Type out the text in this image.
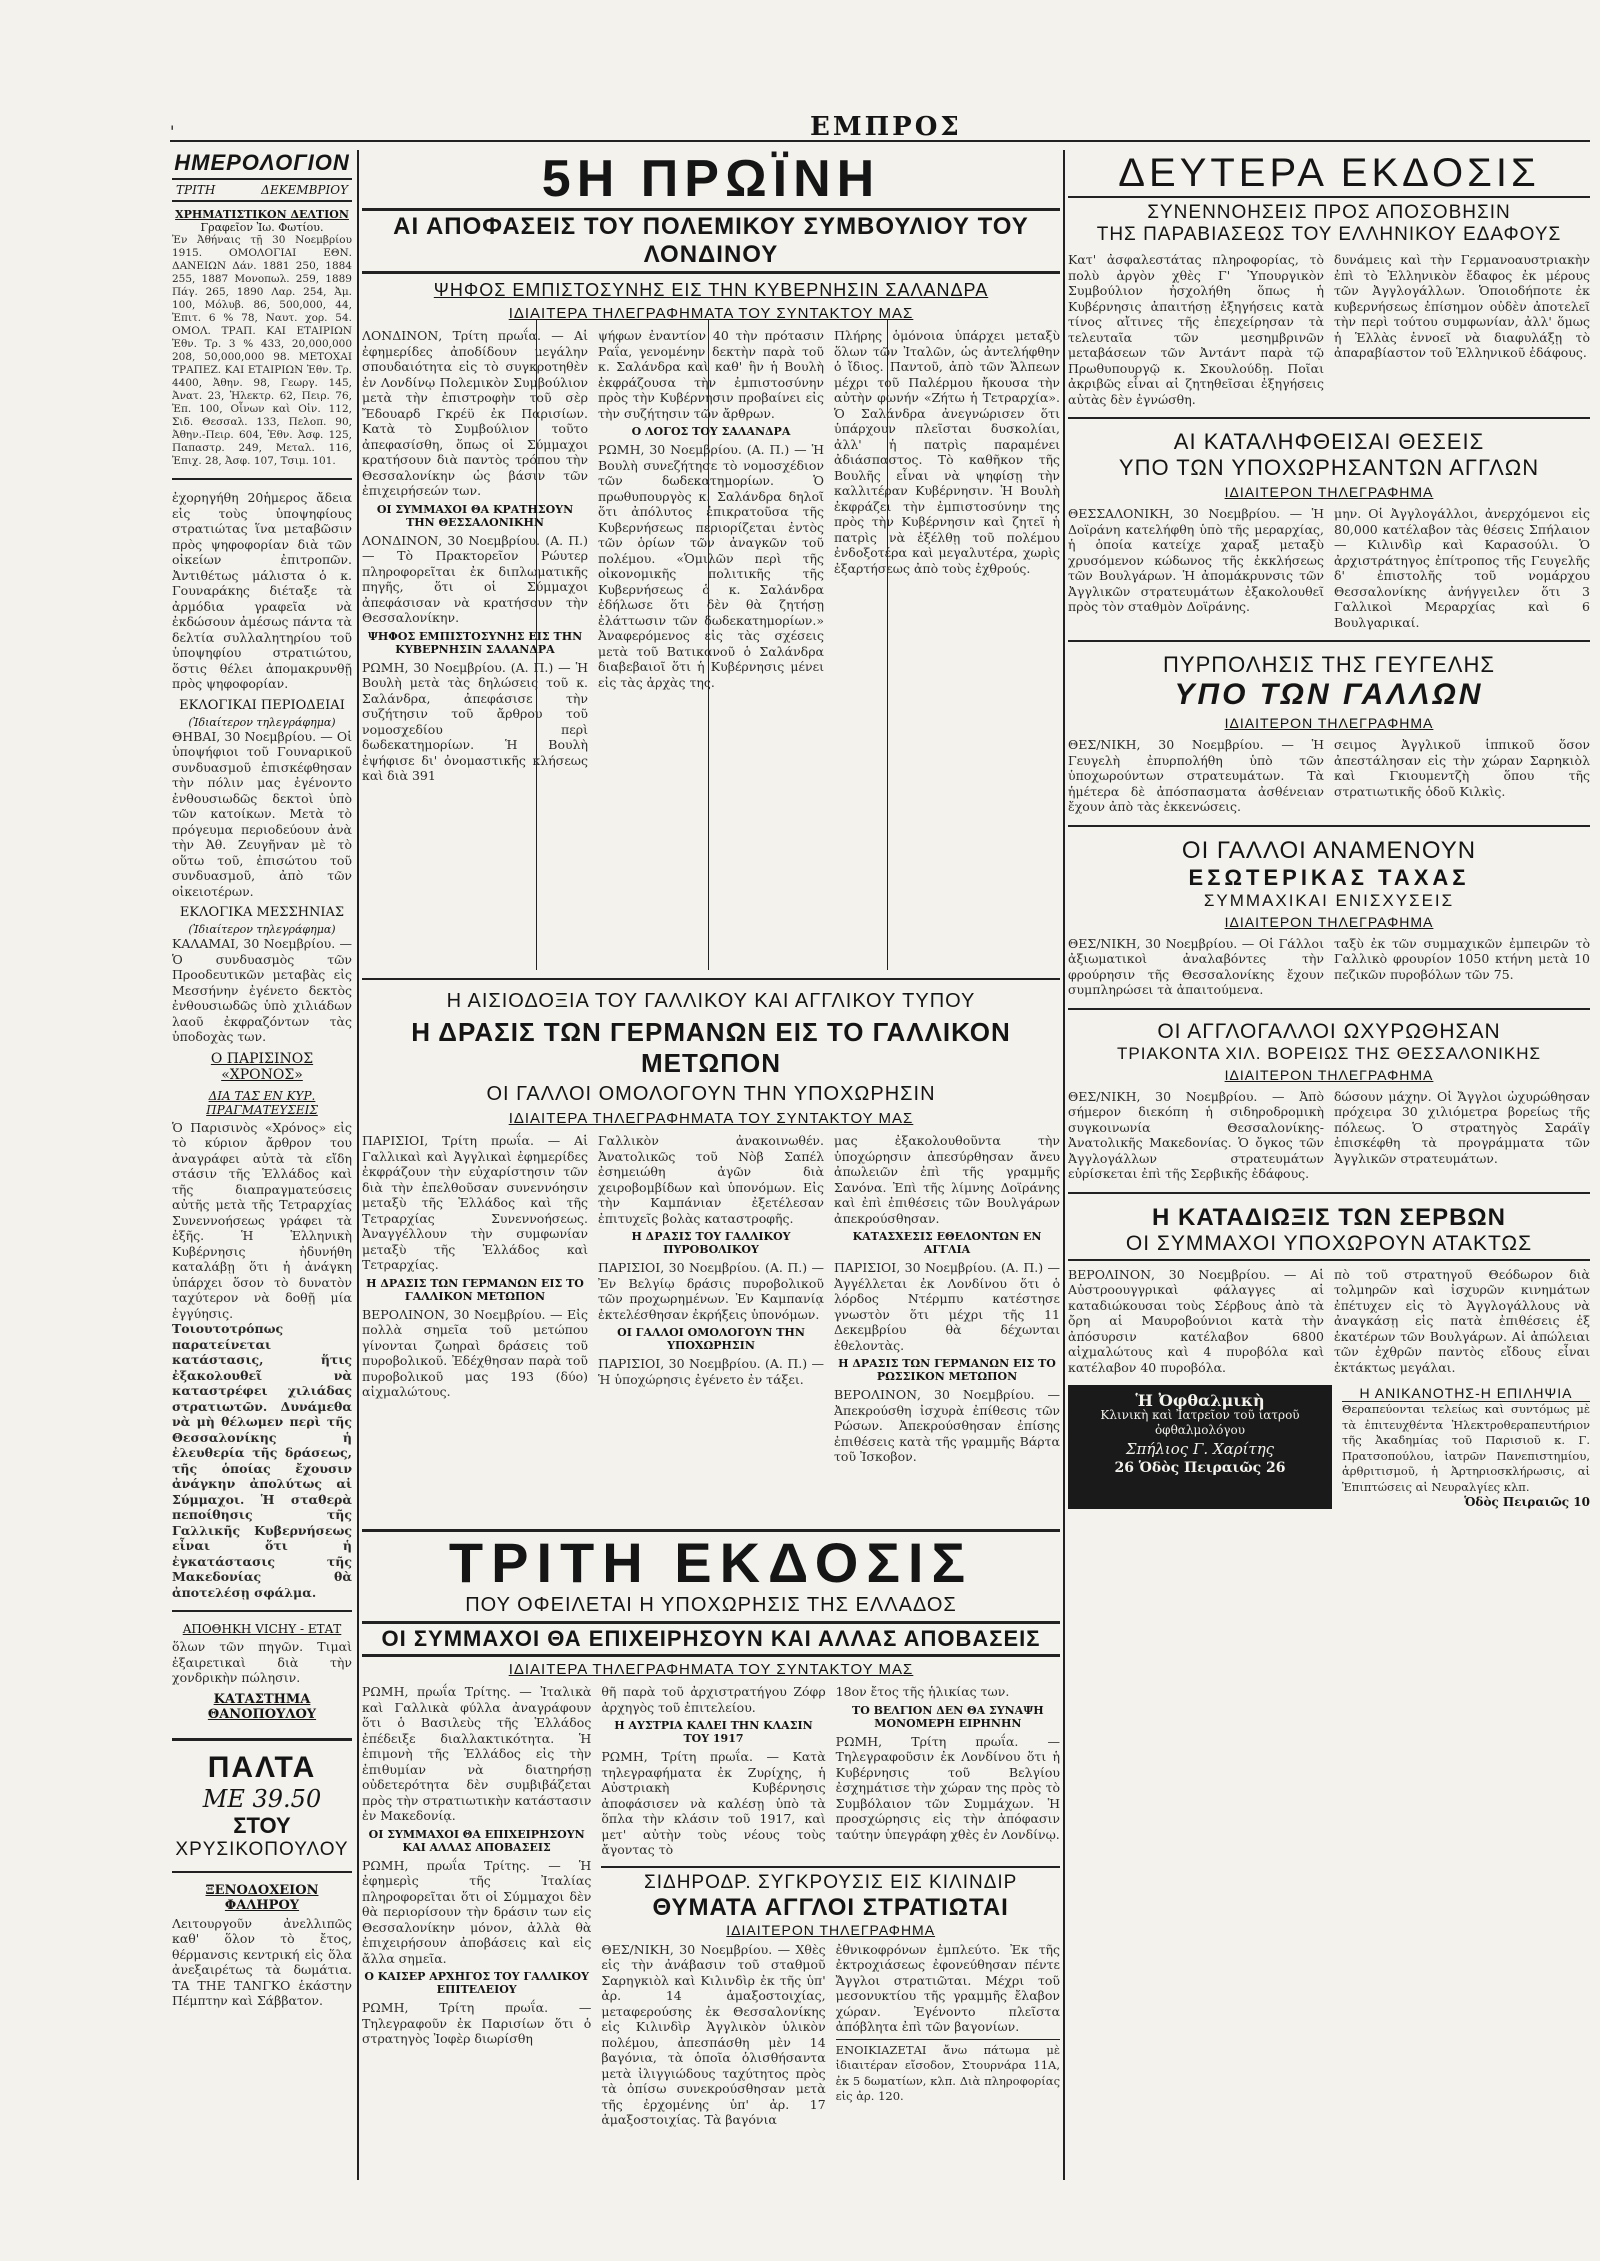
ΕΜΠΡΟΣ
'
ΗΜΕΡΟΛΟΓΙΟΝ
ΤΡΙΤΗ	ΔΕΚΕΜΒΡΙΟΥ
ΧΡΗΜΑΤΙΣΤΙΚΟΝ ΔΕΛΤΙΟΝ
Γραφεῖον Ἰω. Φωτίου.
Ἐν Ἀθήναις τῇ 30 Νοεμβρίου 1915. ΟΜΟΛΟΓΙΑΙ ΕΘΝ. ΔΑΝΕΙΩΝ Δάν. 1881 250, 1884 255, 1887 Μονοπωλ. 259, 1889 Πάγ. 265, 1890 Λαρ. 254, Ἀμ. 100, Μόλυβ. 86, 500,000, 44, Ἐπιτ. 6 % 78, Ναυτ. χορ. 54. ΟΜΟΛ. ΤΡΑΠ. ΚΑΙ ΕΤΑΙΡΙΩΝ Ἐθν. Τρ. 3 % 433, 20,000,000 208, 50,000,000 98. ΜΕΤΟΧΑΙ ΤΡΑΠΕΖ. ΚΑΙ ΕΤΑΙΡΙΩΝ Ἐθν. Τρ. 4400, Ἀθην. 98, Γεωργ. 145, Ἀνατ. 23, Ἠλεκτρ. 62, Πειρ. 76, Ἐπ. 100, Οἶνων καὶ Οἰν. 112, Σιδ. Θεσσαλ. 133, Πελοπ. 90, Ἀθην.-Πειρ. 604, Ἐθν. Ἀσφ. 125, Παπαστρ. 249, Μεταλ. 116, Ἐπιχ. 28, Ἀσφ. 107, Τσιμ. 101.
ἐχορηγήθη 20ἡμερος ἄδεια εἰς τοὺς ὑποψηφίους στρατιώτας ἵνα μεταβῶσιν πρὸς ψηφοφορίαν διὰ τῶν οἰκείων ἐπιτροπῶν. Ἀντιθέτως μάλιστα ὁ κ. Γουναράκης διέταξε τὰ ἀρμόδια γραφεῖα νὰ ἐκδώσουν ἀμέσως πάντα τὰ δελτία συλλαλητηρίου τοῦ ὑποψηφίου στρατιώτου, ὅστις θέλει ἀπομακρυνθῇ πρὸς ψηφοφορίαν.
ΕΚΛΟΓΙΚΑΙ ΠΕΡΙΟΔΕΙΑΙ
(Ἰδιαίτερον τηλεγράφημα)
ΘΗΒΑΙ, 30 Νοεμβρίου. — Οἱ ὑποψήφιοι τοῦ Γουναρικοῦ συνδυασμοῦ ἐπισκέφθησαν τὴν πόλιν μας ἐγένοντο ἐνθουσιωδῶς δεκτοὶ ὑπὸ τῶν κατοίκων. Μετὰ τὸ πρόγευμα περιοδεύουν ἀνὰ τὴν Ἀθ. Ζευγῆναν μὲ τὸ οὕτω τοῦ, ἐπισώτου τοῦ συνδυασμοῦ, ἀπὸ τῶν οἰκειοτέρων.
ΕΚΛΟΓΙΚΑ ΜΕΣΣΗΝΙΑΣ
(Ἰδιαίτερον τηλεγράφημα)
ΚΑΛΑΜΑΙ, 30 Νοεμβρίου. — Ὁ συνδυασμὸς τῶν Προοδευτικῶν μεταβὰς εἰς Μεσσήνην ἐγένετο δεκτὸς ἐνθουσιωδῶς ὑπὸ χιλιάδων λαοῦ ἐκφραζόντων τὰς ὑποδοχὰς των.
Ο ΠΑΡΙΣΙΝΟΣ «ΧΡΟΝΟΣ»
ΔΙΑ ΤΑΣ ΕΝ ΚΥΡ. ΠΡΑΓΜΑΤΕΥΣΕΙΣ
Ὁ Παρισινὸς «Χρόνος» εἰς τὸ κύριον ἄρθρον του ἀναγράφει αὐτὰ τὰ εἴδη στάσιν τῆς Ἑλλάδος καὶ τῆς διαπραγματεύσεις αὐτῆς μετὰ τῆς Τετραρχίας Συνεννοήσεως γράφει τὰ ἐξῆς. Ἡ Ἑλληνικὴ Κυβέρνησις ἠδυνήθη καταλάβῃ ὅτι ἡ ἀνάγκη ὑπάρχει ὅσον τὸ δυνατὸν ταχύτερον νὰ δοθῇ μία ἐγγύησις.
Τοιουτοτρόπως παρατείνεται κατάστασις, ἥτις ἐξακολουθεῖ νὰ καταστρέφει χιλιάδας στρατιωτῶν. Δυνάμεθα νὰ μὴ θέλωμεν περὶ τῆς Θεσσαλονίκης ἡ ἐλευθερία τῆς δράσεως, τῆς ὁποίας ἔχουσιν ἀνάγκην ἀπολύτως αἱ Σύμμαχοι. Ἡ σταθερὰ πεποίθησις τῆς Γαλλικῆς Κυβερνήσεως εἶναι ὅτι ἡ ἐγκατάστασις τῆς Μακεδονίας θὰ ἀποτελέσῃ σφάλμα.
ΑΠΟΘΗΚΗ VICHY - ΕΤΑΤ
ὅλων τῶν πηγῶν. Τιμαὶ ἐξαιρετικαὶ διὰ τὴν χονδρικὴν πώλησιν.
ΚΑΤΑΣΤΗΜΑ ΘΑΝΟΠΟΥΛΟΥ
ΠΑΛΤΑ
ΜΕ 39.50
ΣΤΟΥ
ΧΡΥΣΙΚΟΠΟΥΛΟΥ
ΞΕΝΟΔΟΧΕΙΟΝ ΦΑΛΗΡΟΥ
Λειτουργοῦν ἀνελλιπῶς καθ' ὅλον τὸ ἔτος, θέρμανσις κεντρική εἰς ὅλα ἀνεξαιρέτως τὰ δωμάτια. ΤΑ ΤΗΕ ΤΑΝΓΚΟ ἑκάστην Πέμπτην καὶ Σάββατον.
5Η ΠΡΩΪΝΗ
ΑΙ ΑΠΟΦΑΣΕΙΣ ΤΟΥ ΠΟΛΕΜΙΚΟΥ ΣΥΜΒΟΥΛΙΟΥ ΤΟΥ ΛΟΝΔΙΝΟΥ
ΨΗΦΟΣ ΕΜΠΙΣΤΟΣΥΝΗΣ ΕΙΣ ΤΗΝ ΚΥΒΕΡΝΗΣΙΝ ΣΑΛΑΝΔΡΑ
ΙΔΙΑΙΤΕΡΑ ΤΗΛΕΓΡΑΦΗΜΑΤΑ ΤΟΥ ΣΥΝΤΑΚΤΟΥ ΜΑΣ
ΛΟΝΔΙΝΟΝ, Τρίτη πρωΐα. — Αἱ ἐφημερίδες ἀποδίδουν μεγάλην σπουδαιότητα εἰς τὸ συγκροτηθὲν ἐν Λονδίνῳ Πολεμικὸν Συμβούλιον μετὰ τὴν ἐπιστροφὴν τοῦ σὲρ Ἔδουαρδ Γκρέϋ ἐκ Παρισίων. Κατὰ τὸ Συμβούλιον τοῦτο ἀπεφασίσθη, ὅπως οἱ Σύμμαχοι κρατήσουν διὰ παντὸς τρόπου τὴν Θεσσαλονίκην ὡς βάσιν τῶν ἐπιχειρήσεών των.
ΟΙ ΣΥΜΜΑΧΟΙ ΘΑ ΚΡΑΤΗΣΟΥΝ ΤΗΝ ΘΕΣΣΑΛΟΝΙΚΗΝ
ΛΟΝΔΙΝΟΝ, 30 Νοεμβρίου. (Α. Π.) — Τὸ Πρακτορεῖον Ρώυτερ πληροφορεῖται ἐκ διπλωματικῆς πηγῆς, ὅτι οἱ Σύμμαχοι ἀπεφάσισαν νὰ κρατήσουν τὴν Θεσσαλονίκην.
ΨΗΦΟΣ ΕΜΠΙΣΤΟΣΥΝΗΣ ΕΙΣ ΤΗΝ ΚΥΒΕΡΝΗΣΙΝ ΣΑΛΑΝΔΡΑ
ΡΩΜΗ, 30 Νοεμβρίου. (Α. Π.) — Ἡ Βουλὴ μετὰ τὰς δηλώσεις τοῦ κ. Σαλάνδρα, ἀπεφάσισε τὴν συζήτησιν τοῦ ἄρθρου τοῦ νομοσχεδίου περὶ δωδεκατημορίων. Ἡ Βουλὴ ἐψήφισε δι' ὀνομαστικῆς κλήσεως καὶ διὰ 391
ψήφων ἐναντίον 40 τὴν πρότασιν Ραΐα, γενομένην δεκτὴν παρὰ τοῦ κ. Σαλάνδρα καὶ καθ' ἣν ἡ Βουλὴ ἐκφράζουσα τὴν ἐμπιστοσύνην πρὸς τὴν Κυβέρνησιν προβαίνει εἰς τὴν συζήτησιν τῶν ἄρθρων.
Ο ΛΟΓΟΣ ΤΟΥ ΣΑΛΑΝΔΡΑ
ΡΩΜΗ, 30 Νοεμβρίου. (Α. Π.) — Ἡ Βουλὴ συνεζήτησε τὸ νομοσχέδιον τῶν δωδεκατημορίων. Ὁ πρωθυπουργὸς κ. Σαλάνδρα δηλοῖ ὅτι ἀπόλυτος ἐπικρατοῦσα τῆς Κυβερνήσεως περιορίζεται ἐντὸς τῶν ὁρίων τῶν ἀναγκῶν τοῦ πολέμου. «Ὁμιλῶν περὶ τῆς οἰκονομικῆς πολιτικῆς τῆς Κυβερνήσεως ὁ κ. Σαλάνδρα ἐδήλωσε ὅτι δὲν θὰ ζητήσῃ ἐλάττωσιν τῶν δωδεκατημορίων.» Ἀναφερόμενος εἰς τὰς σχέσεις μετὰ τοῦ Βατικανοῦ ὁ Σαλάνδρα διαβεβαιοῖ ὅτι ἡ Κυβέρνησις μένει εἰς τὰς ἀρχὰς της.
Πλήρης ὁμόνοια ὑπάρχει μεταξὺ ὅλων τῶν Ἰταλῶν, ὡς ἀντελήφθην ὁ ἴδιος. Παντοῦ, ἀπὸ τῶν Ἄλπεων μέχρι τοῦ Παλέρμου ἤκουσα τὴν αὐτὴν φωνήν «Ζήτω ἡ Τετραρχία». Ὁ Σαλάνδρα ἀνεγνώρισεν ὅτι ὑπάρχουν πλεῖσται δυσκολίαι, ἀλλ' ἡ πατρὶς παραμένει ἀδιάσπαστος. Τὸ καθῆκον τῆς Βουλῆς εἶναι νὰ ψηφίσῃ τὴν καλλιτέραν Κυβέρνησιν. Ἡ Βουλὴ ἐκφράζει τὴν ἐμπιστοσύνην της πρὸς τὴν Κυβέρνησιν καὶ ζητεῖ ἡ πατρὶς νὰ ἐξέλθῃ τοῦ πολέμου ἐνδοξοτέρα καὶ μεγαλυτέρα, χωρὶς ἐξαρτήσεως ἀπὸ τοὺς ἐχθρούς.
Η ΑΙΣΙΟΔΟΞΙΑ ΤΟΥ ΓΑΛΛΙΚΟΥ ΚΑΙ ΑΓΓΛΙΚΟΥ ΤΥΠΟΥ
Η ΔΡΑΣΙΣ ΤΩΝ ΓΕΡΜΑΝΩΝ ΕΙΣ ΤΟ ΓΑΛΛΙΚΟΝ ΜΕΤΩΠΟΝ
ΟΙ ΓΑΛΛΟΙ ΟΜΟΛΟΓΟΥΝ ΤΗΝ ΥΠΟΧΩΡΗΣΙΝ
ΙΔΙΑΙΤΕΡΑ ΤΗΛΕΓΡΑΦΗΜΑΤΑ ΤΟΥ ΣΥΝΤΑΚΤΟΥ ΜΑΣ
ΠΑΡΙΣΙΟΙ, Τρίτη πρωΐα. — Αἱ Γαλλικαὶ καὶ Ἀγγλικαὶ ἐφημερίδες ἐκφράζουν τὴν εὐχαρίστησιν τῶν διὰ τὴν ἐπελθοῦσαν συνεννόησιν μεταξὺ τῆς Ἑλλάδος καὶ τῆς Τετραρχίας Συνεννοήσεως. Ἀναγγέλλουν τὴν συμφωνίαν μεταξὺ τῆς Ἑλλάδος καὶ Τετραρχίας.
Η ΔΡΑΣΙΣ ΤΩΝ ΓΕΡΜΑΝΩΝ ΕΙΣ ΤΟ ΓΑΛΛΙΚΟΝ ΜΕΤΩΠΟΝ
ΒΕΡΟΛΙΝΟΝ, 30 Νοεμβρίου. — Εἰς πολλὰ σημεῖα τοῦ μετώπου γίνονται ζωηραὶ δράσεις τοῦ πυροβολικοῦ. Ἐδέχθησαν παρὰ τοῦ πυροβολικοῦ μας 193 (δύο) αἰχμαλώτους.
Γαλλικὸν ἀνακοινωθέν. Ἀνατολικῶς τοῦ Νὸβ Σαπέλ ἐσημειώθη ἀγῶν διὰ χειροβομβίδων καὶ ὑπονόμων. Εἰς τὴν Καμπάνιαν ἐξετέλεσαν ἐπιτυχεῖς βολὰς καταστροφῆς.
Η ΔΡΑΣΙΣ ΤΟΥ ΓΑΛΛΙΚΟΥ ΠΥΡΟΒΟΛΙΚΟΥ
ΠΑΡΙΣΙΟΙ, 30 Νοεμβρίου. (Α. Π.) — Ἐν Βελγίῳ δράσις πυροβολικοῦ τῶν προχωρημένων. Ἐν Καμπανίᾳ ἐκτελέσθησαν ἐκρήξεις ὑπονόμων.
ΟΙ ΓΑΛΛΟΙ ΟΜΟΛΟΓΟΥΝ ΤΗΝ ΥΠΟΧΩΡΗΣΙΝ
ΠΑΡΙΣΙΟΙ, 30 Νοεμβρίου. (Α. Π.) — Ἡ ὑποχώρησις ἐγένετο ἐν τάξει.
μας ἐξακολουθοῦντα τὴν ὑποχώρησιν ἀπεσύρθησαν ἄνευ ἀπωλειῶν ἐπὶ τῆς γραμμῆς Σανόνα. Ἐπὶ τῆς λίμνης Δοϊράνης καὶ ἐπὶ ἐπιθέσεις τῶν Βουλγάρων ἀπεκρούσθησαν.
ΚΑΤΑΣΧΕΣΙΣ ΕΘΕΛΟΝΤΩΝ ΕΝ ΑΓΓΛΙΑ
ΠΑΡΙΣΙΟΙ, 30 Νοεμβρίου. (Α. Π.) — Ἀγγέλλεται ἐκ Λονδίνου ὅτι ὁ λόρδος Ντέρμπυ κατέστησε γνωστὸν ὅτι μέχρι τῆς 11 Δεκεμβρίου θὰ δέχωνται ἐθελοντὰς.
Η ΔΡΑΣΙΣ ΤΩΝ ΓΕΡΜΑΝΩΝ ΕΙΣ ΤΟ ΡΩΣΣΙΚΟΝ ΜΕΤΩΠΟΝ
ΒΕΡΟΛΙΝΟΝ, 30 Νοεμβρίου. — Ἀπεκρούσθη ἰσχυρὰ ἐπίθεσις τῶν Ρώσων. Ἀπεκρούσθησαν ἐπίσης ἐπιθέσεις κατὰ τῆς γραμμῆς Βάρτα τοῦ Ἰσκοβον.
ΤΡΙΤΗ ΕΚΔΟΣΙΣ
ΠΟΥ ΟΦΕΙΛΕΤΑΙ Η ΥΠΟΧΩΡΗΣΙΣ ΤΗΣ ΕΛΛΑΔΟΣ
ΟΙ ΣΥΜΜΑΧΟΙ ΘΑ ΕΠΙΧΕΙΡΗΣΟΥΝ ΚΑΙ ΑΛΛΑΣ ΑΠΟΒΑΣΕΙΣ
ΙΔΙΑΙΤΕΡΑ ΤΗΛΕΓΡΑΦΗΜΑΤΑ ΤΟΥ ΣΥΝΤΑΚΤΟΥ ΜΑΣ
ΡΩΜΗ, πρωΐα Τρίτης. — Ἰταλικὰ καὶ Γαλλικὰ φύλλα ἀναγράφουν ὅτι ὁ Βασιλεὺς τῆς Ἑλλάδος ἐπέδειξε διαλλακτικότητα. Ἡ ἐπιμονὴ τῆς Ἑλλάδος εἰς τὴν ἐπιθυμίαν νὰ διατηρήσῃ οὐδετερότητα δὲν συμβιβάζεται πρὸς τὴν στρατιωτικὴν κατάστασιν ἐν Μακεδονίᾳ.
ΟΙ ΣΥΜΜΑΧΟΙ ΘΑ ΕΠΙΧΕΙΡΗΣΟΥΝ ΚΑΙ ΑΛΛΑΣ ΑΠΟΒΑΣΕΙΣ
ΡΩΜΗ, πρωΐα Τρίτης. — Ἡ ἐφημερὶς τῆς Ἰταλίας πληροφορεῖται ὅτι οἱ Σύμμαχοι δὲν θὰ περιορίσουν τὴν δράσιν των εἰς Θεσσαλονίκην μόνον, ἀλλὰ θὰ ἐπιχειρήσουν ἀποβάσεις καὶ εἰς ἄλλα σημεῖα.
Ο ΚΑΙΣΕΡ ΑΡΧΗΓΟΣ ΤΟΥ ΓΑΛΛΙΚΟΥ ΕΠΙΤΕΛΕΙΟΥ
ΡΩΜΗ, Τρίτη πρωΐα. — Τηλεγραφοῦν ἐκ Παρισίων ὅτι ὁ στρατηγὸς Ἰοφὲρ διωρίσθη
θῆ παρὰ τοῦ ἀρχιστρατήγου Ζόφρ ἀρχηγὸς τοῦ ἐπιτελείου.
Η ΑΥΣΤΡΙΑ ΚΑΛΕΙ ΤΗΝ ΚΛΑΣΙΝ ΤΟΥ 1917
ΡΩΜΗ, Τρίτη πρωΐα. — Κατὰ τηλεγραφήματα ἐκ Ζυρίχης, ἡ Αὐστριακὴ Κυβέρνησις ἀποφάσισεν νὰ καλέσῃ ὑπὸ τὰ ὅπλα τὴν κλάσιν τοῦ 1917, καὶ μετ' αὐτὴν τοὺς νέους τοὺς ἄγοντας τὸ
18ον ἔτος τῆς ἡλικίας των.
ΤΟ ΒΕΛΓΙΟΝ ΔΕΝ ΘΑ ΣΥΝΑΨΗ ΜΟΝΟΜΕΡΗ ΕΙΡΗΝΗΝ
ΡΩΜΗ, Τρίτη πρωΐα. — Τηλεγραφοῦσιν ἐκ Λονδίνου ὅτι ἡ Κυβέρνησις τοῦ Βελγίου ἐσχημάτισε τὴν χώραν της πρὸς τὸ Συμβόλαιον τῶν Συμμάχων. Ἡ προσχώρησις εἰς τὴν ἀπόφασιν ταύτην ὑπεγράφη χθὲς ἐν Λονδίνῳ.
ΣΙΔΗΡΟΔΡ. ΣΥΓΚΡΟΥΣΙΣ ΕΙΣ ΚΙΛΙΝΔΙΡ
ΘΥΜΑΤΑ ΑΓΓΛΟΙ ΣΤΡΑΤΙΩΤΑΙ
ΙΔΙΑΙΤΕΡΟΝ ΤΗΛΕΓΡΑΦΗΜΑ
ΘΕΣ/ΝΙΚΗ, 30 Νοεμβρίου. — Χθὲς εἰς τὴν ἀνάβασιν τοῦ σταθμοῦ Σαρηγκιὸλ καὶ Κιλινδὶρ ἐκ τῆς ὑπ' ἀρ. 14 ἁμαξοστοιχίας, μεταφερούσης ἐκ Θεσσαλονίκης εἰς Κιλινδὶρ Ἀγγλικὸν ὑλικὸν πολέμου, ἀπεσπάσθη μὲν 14 βαγόνια, τὰ ὁποῖα ὁλισθήσαντα μετὰ ἰλιγγιώδους ταχύτητος πρὸς τὰ ὀπίσω συνεκρούσθησαν μετὰ τῆς ἐρχομένης ὑπ' ἀρ. 17 ἁμαξοστοιχίας. Τὰ βαγόνια
ἐθνικοφρόνων ἐμπλεύτο. Ἐκ τῆς ἐκτροχιάσεως ἐφονεύθησαν πέντε Ἄγγλοι στρατιῶται. Μέχρι τοῦ μεσονυκτίου τῆς γραμμῆς ἔλαβον χώραν. Ἐγένοντο πλεῖστα ἀπόβλητα ἐπὶ τῶν βαγονίων.
ΕΝΟΙΚΙΑΖΕΤΑΙ ἄνω πάτωμα μὲ ἰδιαιτέραν εἴσοδον, Στουρνάρα 11Α, ἐκ 5 δωματίων, κλπ. Διὰ πληροφορίας εἰς ἀρ. 120.
ΔΕΥΤΕΡΑ ΕΚΔΟΣΙΣ
ΣΥΝΕΝΝΟΗΣΕΙΣ ΠΡΟΣ ΑΠΟΣΟΒΗΣΙΝ
ΤΗΣ ΠΑΡΑΒΙΑΣΕΩΣ ΤΟΥ ΕΛΛΗΝΙΚΟΥ ΕΔΑΦΟΥΣ
Κατ' ἀσφαλεστάτας πληροφορίας, τὸ πολὺ ἀργὸν χθὲς Γ' Ὑπουργικὸν Συμβούλιον ἠσχολήθη ὅπως ἡ Κυβέρνησις ἀπαιτήσῃ ἐξηγήσεις κατὰ τίνος αἴτινες τῆς ἐπεχείρησαν τὰ τελευταῖα τῶν μεσημβρινῶν μεταβάσεων τῶν Ἀντάντ παρὰ τῷ Πρωθυπουργῷ κ. Σκουλούδῃ. Ποῖαι ἀκριβῶς εἶναι αἱ ζητηθεῖσαι ἐξηγήσεις αὐτὰς δὲν ἐγνώσθη.
δυνάμεις καὶ τὴν Γερμανοαυστριακὴν ἐπὶ τὸ Ἑλληνικὸν ἔδαφος ἐκ μέρους τῶν Ἀγγλογάλλων. Ὁποιοδήποτε ἐκ κυβερνήσεως ἐπίσημον οὐδὲν ἀποτελεῖ τὴν περὶ τούτου συμφωνίαν, ἀλλ' ὅμως ἡ Ἑλλὰς ἐννοεῖ νὰ διαφυλάξῃ τὸ ἀπαραβίαστον τοῦ Ἑλληνικοῦ ἐδάφους.
ΑΙ ΚΑΤΑΛΗΦΘΕΙΣΑΙ ΘΕΣΕΙΣ
ΥΠΟ ΤΩΝ ΥΠΟΧΩΡΗΣΑΝΤΩΝ ΑΓΓΛΩΝ
ΙΔΙΑΙΤΕΡΟΝ ΤΗΛΕΓΡΑΦΗΜΑ
ΘΕΣΣΑΛΟΝΙΚΗ, 30 Νοεμβρίου. — Ἡ Δοϊράνη κατελήφθη ὑπὸ τῆς μεραρχίας, ἡ ὁποία κατείχε χαραξ μεταξὺ χρυσόμενον κώδωνος τῆς ἐκκλήσεως τῶν Βουλγάρων. Ἡ ἀπομάκρυνσις τῶν Ἀγγλικῶν στρατευμάτων ἐξακολουθεῖ πρὸς τὸν σταθμὸν Δοϊράνης.
μην. Οἱ Ἀγγλογάλλοι, ἀνερχόμενοι εἰς 80,000 κατέλαβον τὰς θέσεις Σπήλαιον — Κιλινδὶρ καὶ Καρασούλι. Ὁ ἀρχιστράτηγος ἐπίτροπος τῆς Γευγελῆς δ' ἐπιστολῆς τοῦ νομάρχου Θεσσαλονίκης ἀνήγγειλεν ὅτι 3 Γαλλικοὶ Μεραρχίας καὶ 6 Βουλγαρικαί.
ΠΥΡΠΟΛΗΣΙΣ ΤΗΣ ΓΕΥΓΕΛΗΣ
ΥΠΟ ΤΩΝ ΓΑΛΛΩΝ
ΙΔΙΑΙΤΕΡΟΝ ΤΗΛΕΓΡΑΦΗΜΑ
ΘΕΣ/ΝΙΚΗ, 30 Νοεμβρίου. — Ἡ Γευγελὴ ἐπυρπολήθη ὑπὸ τῶν ὑποχωρούντων στρατευμάτων. Τὰ ἡμέτερα δὲ ἀπόσπασματα ἀσθένειαν ἔχουν ἀπὸ τὰς ἐκκενώσεις.
σειμος Ἀγγλικοῦ ἱππικοῦ ὅσον ἀπεστάλησαν εἰς τὴν χώραν Σαρηκιὸλ καὶ Γκιουμεντζὴ ὅπου τῆς στρατιωτικῆς ὁδοῦ Κιλκὶς.
ΟΙ ΓΑΛΛΟΙ ΑΝΑΜΕΝΟΥΝ
ΕΣΩΤΕΡΙΚΑΣ ΤΑΧΑΣ
ΣΥΜΜΑΧΙΚΑΙ ΕΝΙΣΧΥΣΕΙΣ
ΙΔΙΑΙΤΕΡΟΝ ΤΗΛΕΓΡΑΦΗΜΑ
ΘΕΣ/ΝΙΚΗ, 30 Νοεμβρίου. — Οἱ Γάλλοι ἀξιωματικοὶ ἀναλαβόντες τὴν φρούρησιν τῆς Θεσσαλονίκης ἔχουν συμπληρώσει τὰ ἀπαιτούμενα.
ταξὺ ἐκ τῶν συμμαχικῶν ἐμπειρῶν τὸ Γαλλικὸ φρουρίον 1050 κτήνη μετὰ 10 πεζικῶν πυροβόλων τῶν 75.
ΟΙ ΑΓΓΛΟΓΑΛΛΟΙ ΩΧΥΡΩΘΗΣΑΝ
ΤΡΙΑΚΟΝΤΑ ΧΙΛ. ΒΟΡΕΙΩΣ ΤΗΣ ΘΕΣΣΑΛΟΝΙΚΗΣ
ΙΔΙΑΙΤΕΡΟΝ ΤΗΛΕΓΡΑΦΗΜΑ
ΘΕΣ/ΝΙΚΗ, 30 Νοεμβρίου. — Ἀπὸ σήμερον διεκόπη ἡ σιδηροδρομικὴ συγκοινωνία Θεσσαλονίκης-Ἀνατολικῆς Μακεδονίας. Ὁ ὄγκος τῶν Ἀγγλογάλλων στρατευμάτων εὑρίσκεται ἐπὶ τῆς Σερβικῆς ἐδάφους.
δώσουν μάχην. Οἱ Ἄγγλοι ὠχυρώθησαν πρόχειρα 30 χιλιόμετρα βορείως τῆς πόλεως. Ὁ στρατηγὸς Σαράϊγ ἐπισκέφθη τὰ προγράμματα τῶν Ἀγγλικῶν στρατευμάτων.
Η ΚΑΤΑΔΙΩΞΙΣ ΤΩΝ ΣΕΡΒΩΝ
ΟΙ ΣΥΜΜΑΧΟΙ ΥΠΟΧΩΡΟΥΝ ΑΤΑΚΤΩΣ
ΒΕΡΟΛΙΝΟΝ, 30 Νοεμβρίου. — Αἱ Αὐστροουγγρικαὶ φάλαγγες αἱ καταδιώκουσαι τοὺς Σέρβους ἀπὸ τὰ ὄρη αἱ Μαυροβούνιοι κατὰ τὴν ἀπόσυρσιν κατέλαβον 6800 αἰχμαλώτους καὶ 4 πυροβόλα καὶ κατέλαβον 40 πυροβόλα.
πὸ τοῦ στρατηγοῦ Θεόδωρον διὰ τολμηρῶν καὶ ἰσχυρῶν κινημάτων ἐπέτυχεν εἰς τὸ Ἀγγλογάλλους νὰ ἀναγκάσῃ εἰς πατὰ ἐπιθέσεις ἐξ ἑκατέρων τῶν Βουλγάρων. Αἱ ἀπώλειαι τῶν ἐχθρῶν παντὸς εἴδους εἶναι ἐκτάκτως μεγάλαι.
Ἡ Ὀφθαλμικὴ
Κλινικὴ καὶ Ἰατρεῖον τοῦ ἰατροῦ ὀφθαλμολόγου
Σπήλιος Γ. Χαρίτης
26 Ὁδὸς Πειραιῶς 26
Η ΑΝΙΚΑΝΟΤΗΣ-Η ΕΠΙΛΗΨΙΑ
Θεραπεύονται τελείως καὶ συντόμως μὲ τὰ ἐπιτευχθέντα Ἠλεκτροθεραπευτήριον τῆς Ἀκαδημίας τοῦ Παρισιοῦ κ. Γ. Πρατσοπούλου, ἰατρῶν Πανεπιστημίου, ἀρθριτισμοῦ, ἡ Ἀρτηριοσκλήρωσις, αἱ Ἐπιπτώσεις αἱ Νευραλγίες κλπ.
Ὁδὸς Πειραιῶς 10
